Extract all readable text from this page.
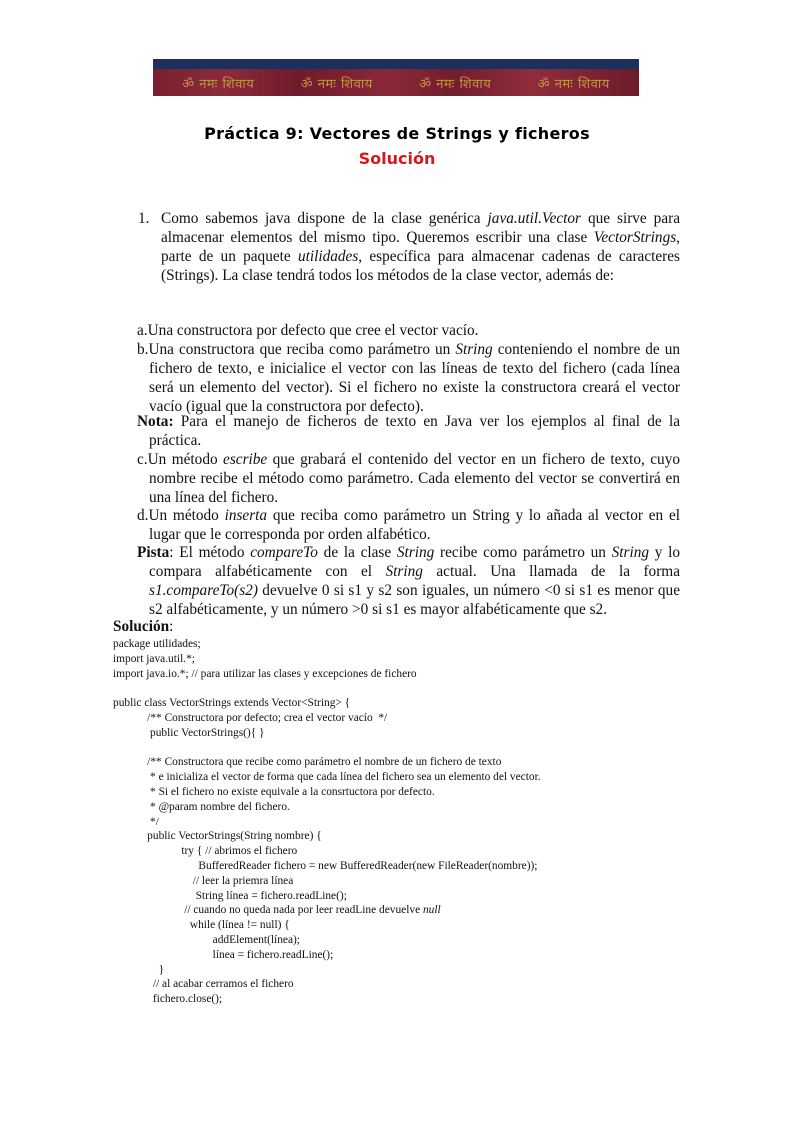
ॐ नमः शिवाय	ॐ नमः शिवाय	ॐ नमः शिवाय	ॐ नमः शिवाय
Práctica 9: Vectores de Strings y ficheros
Solución
1. Como sabemos java dispone de la clase genérica java.util.Vector que sirve para almacenar elementos del mismo tipo. Queremos escribir una clase VectorStrings, parte de un paquete utilidades, específica para almacenar cadenas de caracteres (Strings). La clase tendrá todos los métodos de la clase vector, además de:
a.Una constructora por defecto que cree el vector vacío.
b.Una constructora que reciba como parámetro un String conteniendo el nombre de un fichero de texto, e inicialice el vector con las líneas de texto del fichero (cada línea será un elemento del vector). Si el fichero no existe la constructora creará el vector vacío (igual que la constructora por defecto).
Nota: Para el manejo de ficheros de texto en Java ver los ejemplos al final de la práctica.
c.Un método escribe que grabará el contenido del vector en un fichero de texto, cuyo nombre recibe el método como parámetro. Cada elemento del vector se convertirá en una línea del fichero.
d.Un método inserta que reciba como parámetro un String y lo añada al vector en el lugar que le corresponda por orden alfabético.
Pista: El método compareTo de la clase String recibe como parámetro un String y lo compara alfabéticamente con el String actual. Una llamada de la forma s1.compareTo(s2) devuelve 0 si s1 y s2 son iguales, un número <0 si s1 es menor que s2 alfabéticamente, y un número >0 si s1 es mayor alfabéticamente que s2.
Solución:
package utilidades;
import java.util.*;
import java.io.*; // para utilizar las clases y excepciones de fichero

public class VectorStrings extends Vector<String> {
/** Constructora por defecto; crea el vector vacío  */
public VectorStrings(){ }

/** Constructora que recibe como parámetro el nombre de un fichero de texto
* e inicializa el vector de forma que cada línea del fichero sea un elemento del vector.
* Si el fichero no existe equivale a la consrtuctora por defecto.
* @param nombre del fichero.
*/
public VectorStrings(String nombre) {
try { // abrimos el fichero
BufferedReader fichero = new BufferedReader(new FileReader(nombre));
// leer la priemra línea
String línea = fichero.readLine();
// cuando no queda nada por leer readLine devuelve null
while (línea != null) {
addElement(línea);
línea = fichero.readLine();
}
// al acabar cerramos el fichero
fichero.close();
